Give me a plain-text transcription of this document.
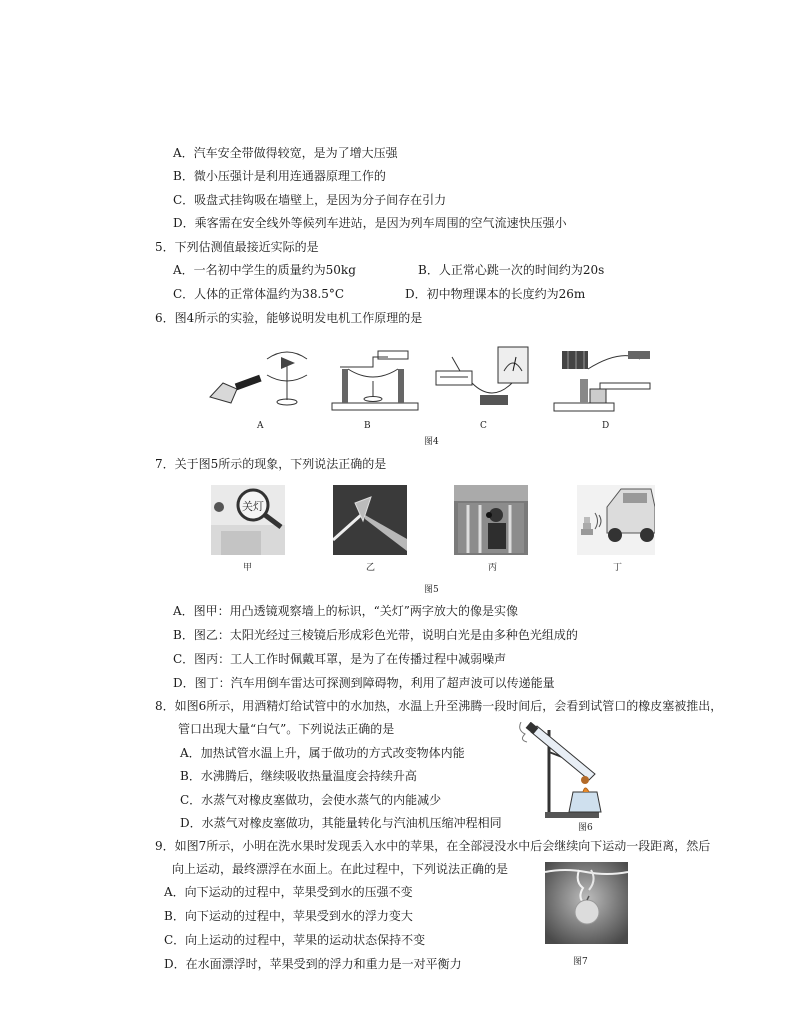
A．汽车安全带做得较宽，是为了增大压强
B．微小压强计是利用连通器原理工作的
C．吸盘式挂钩吸在墙壁上，是因为分子间存在引力
D．乘客需在安全线外等候列车进站，是因为列车周围的空气流速快压强小
5．下列估测值最接近实际的是
A．一名初中学生的质量约为50kg	B．人正常心跳一次的时间约为20s
C．人体的正常体温约为38.5°C	D．初中物理课本的长度约为26m
6．图4所示的实验，能够说明发电机工作原理的是
A	B	C	D
图4
7．关于图5所示的现象，下列说法正确的是
关灯
甲	乙	丙	丁
图5
A．图甲：用凸透镜观察墙上的标识，“关灯”两字放大的像是实像
B．图乙：太阳光经过三棱镜后形成彩色光带，说明白光是由多种色光组成的
C．图丙：工人工作时佩戴耳罩，是为了在传播过程中减弱噪声
D．图丁：汽车用倒车雷达可探测到障碍物，利用了超声波可以传递能量
8．如图6所示，用酒精灯给试管中的水加热，水温上升至沸腾一段时间后，会看到试管口的橡皮塞被推出，
管口出现大量“白气”。下列说法正确的是
A．加热试管水温上升，属于做功的方式改变物体内能
B．水沸腾后，继续吸收热量温度会持续升高
C．水蒸气对橡皮塞做功，会使水蒸气的内能减少
D．水蒸气对橡皮塞做功，其能量转化与汽油机压缩冲程相同	图6
9．如图7所示，小明在洗水果时发现丢入水中的苹果，在全部浸没水中后会继续向下运动一段距离，然后
向上运动，最终漂浮在水面上。在此过程中，下列说法正确的是
A．向下运动的过程中，苹果受到水的压强不变
B．向下运动的过程中，苹果受到水的浮力变大
C．向上运动的过程中，苹果的运动状态保持不变
D．在水面漂浮时，苹果受到的浮力和重力是一对平衡力	图7
